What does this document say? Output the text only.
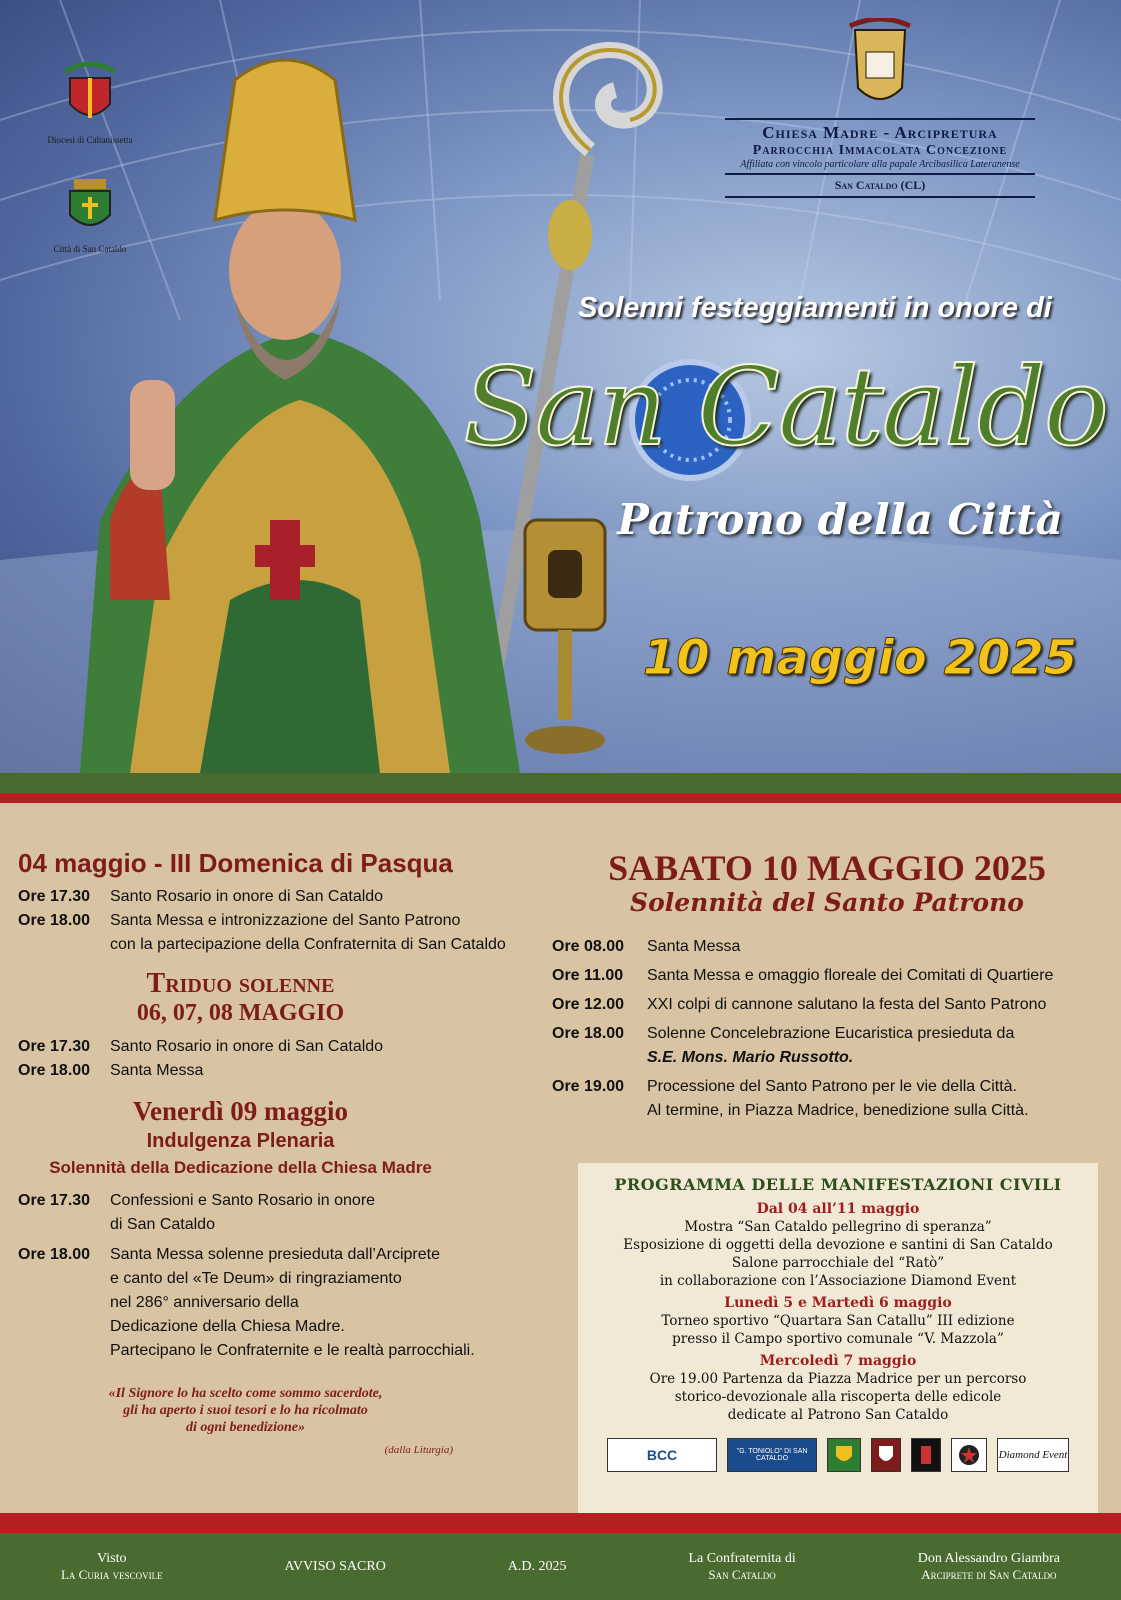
Diocesi di Caltanissetta
Città di San Cataldo
Chiesa Madre - Arcipretura
Parrocchia Immacolata Concezione
Affiliata con vincolo particolare alla papale Arcibasilica Lateranense
San Cataldo (CL)
Solenni festeggiamenti in onore di
San Cataldo
Patrono della Città
10 maggio 2025
04 maggio - III Domenica di Pasqua
Ore 17.30	Santo Rosario in onore di San Cataldo
Ore 18.00	Santa Messa e intronizzazione del Santo Patrono
con la partecipazione della Confraternita di San Cataldo
Triduo solenne
06, 07, 08 MAGGIO
Ore 17.30	Santo Rosario in onore di San Cataldo
Ore 18.00	Santa Messa
Venerdì 09 maggio
Indulgenza Plenaria
Solennità della Dedicazione della Chiesa Madre
Ore 17.30	Confessioni e Santo Rosario in onore
di San Cataldo
Ore 18.00	Santa Messa solenne presieduta dall’Arciprete
e canto del «Te Deum» di ringraziamento
nel 286° anniversario della
Dedicazione della Chiesa Madre.
Partecipano le Confraternite e le realtà parrocchiali.
«Il Signore lo ha scelto come sommo sacerdote,
gli ha aperto i suoi tesori e lo ha ricolmato
di ogni benedizione»
(dalla Liturgia)
SABATO 10 MAGGIO 2025
Solennità del Santo Patrono
Ore 08.00	Santa Messa
Ore 11.00	Santa Messa e omaggio floreale dei Comitati di Quartiere
Ore 12.00	XXI colpi di cannone salutano la festa del Santo Patrono
Ore 18.00	Solenne Concelebrazione Eucaristica presieduta da
S.E. Mons. Mario Russotto.
Ore 19.00	Processione del Santo Patrono per le vie della Città.
Al termine, in Piazza Madrice, benedizione sulla Città.
PROGRAMMA DELLE MANIFESTAZIONI CIVILI
Dal 04 all’11 maggio
Mostra “San Cataldo pellegrino di speranza”
Esposizione di oggetti della devozione e santini di San Cataldo
Salone parrocchiale del “Ratò”
in collaborazione con l’Associazione Diamond Event
Lunedì 5 e Martedì 6 maggio
Torneo sportivo “Quartara San Catallu” III edizione
presso il Campo sportivo comunale “V. Mazzola”
Mercoledì 7 maggio
Ore 19.00 Partenza da Piazza Madrice per un percorso
storico-devozionale alla riscoperta delle edicole
dedicate al Patrono San Cataldo
BCC	"G. TONIOLO" DI SAN CATALDO	Diamond Event
Visto
La Curia vescovile
AVVISO SACRO	A.D. 2025
La Confraternita di
San Cataldo
Don Alessandro Giambra
Arciprete di San Cataldo
